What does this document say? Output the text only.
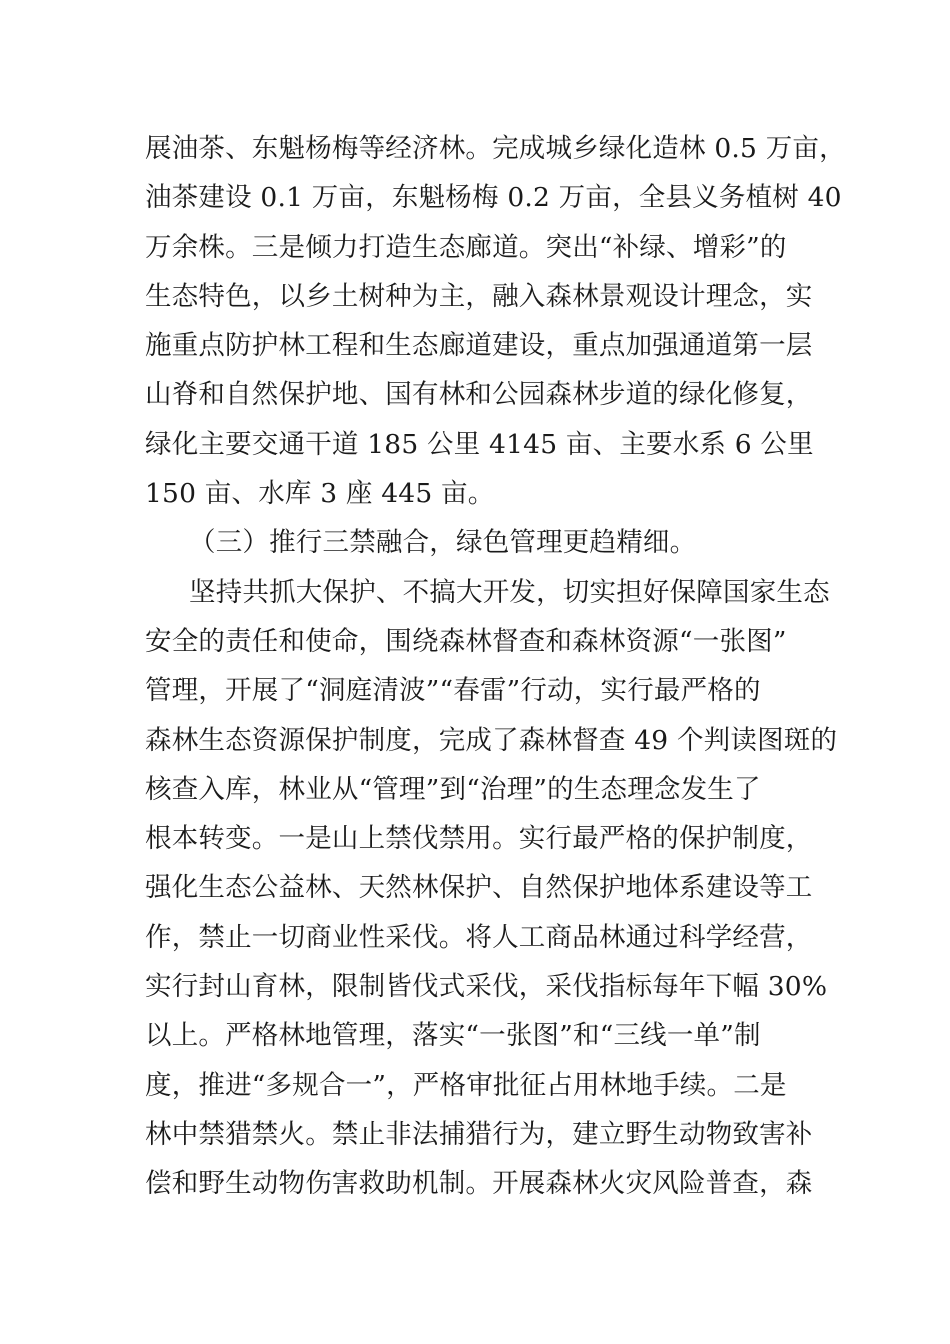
展油茶、东魁杨梅等经济林。完成城乡绿化造林 0.5 万亩，
油茶建设 0.1 万亩，东魁杨梅 0.2 万亩，全县义务植树 40
万余株。三是倾力打造生态廊道。突出“补绿、增彩”的
生态特色，以乡土树种为主，融入森林景观设计理念，实
施重点防护林工程和生态廊道建设，重点加强通道第一层
山脊和自然保护地、国有林和公园森林步道的绿化修复，
绿化主要交通干道 185 公里 4145 亩、主要水系 6 公里
150 亩、水库 3 座 445 亩。
（三）推行三禁融合，绿色管理更趋精细。
坚持共抓大保护、不搞大开发，切实担好保障国家生态
安全的责任和使命，围绕森林督查和森林资源“一张图”
管理，开展了“洞庭清波”“春雷”行动，实行最严格的
森林生态资源保护制度，完成了森林督查 49 个判读图斑的
核查入库，林业从“管理”到“治理”的生态理念发生了
根本转变。一是山上禁伐禁用。实行最严格的保护制度，
强化生态公益林、天然林保护、自然保护地体系建设等工
作，禁止一切商业性采伐。将人工商品林通过科学经营，
实行封山育林，限制皆伐式采伐，采伐指标每年下幅 30%
以上。严格林地管理，落实“一张图”和“三线一单”制
度，推进“多规合一”，严格审批征占用林地手续。二是
林中禁猎禁火。禁止非法捕猎行为，建立野生动物致害补
偿和野生动物伤害救助机制。开展森林火灾风险普查，森
